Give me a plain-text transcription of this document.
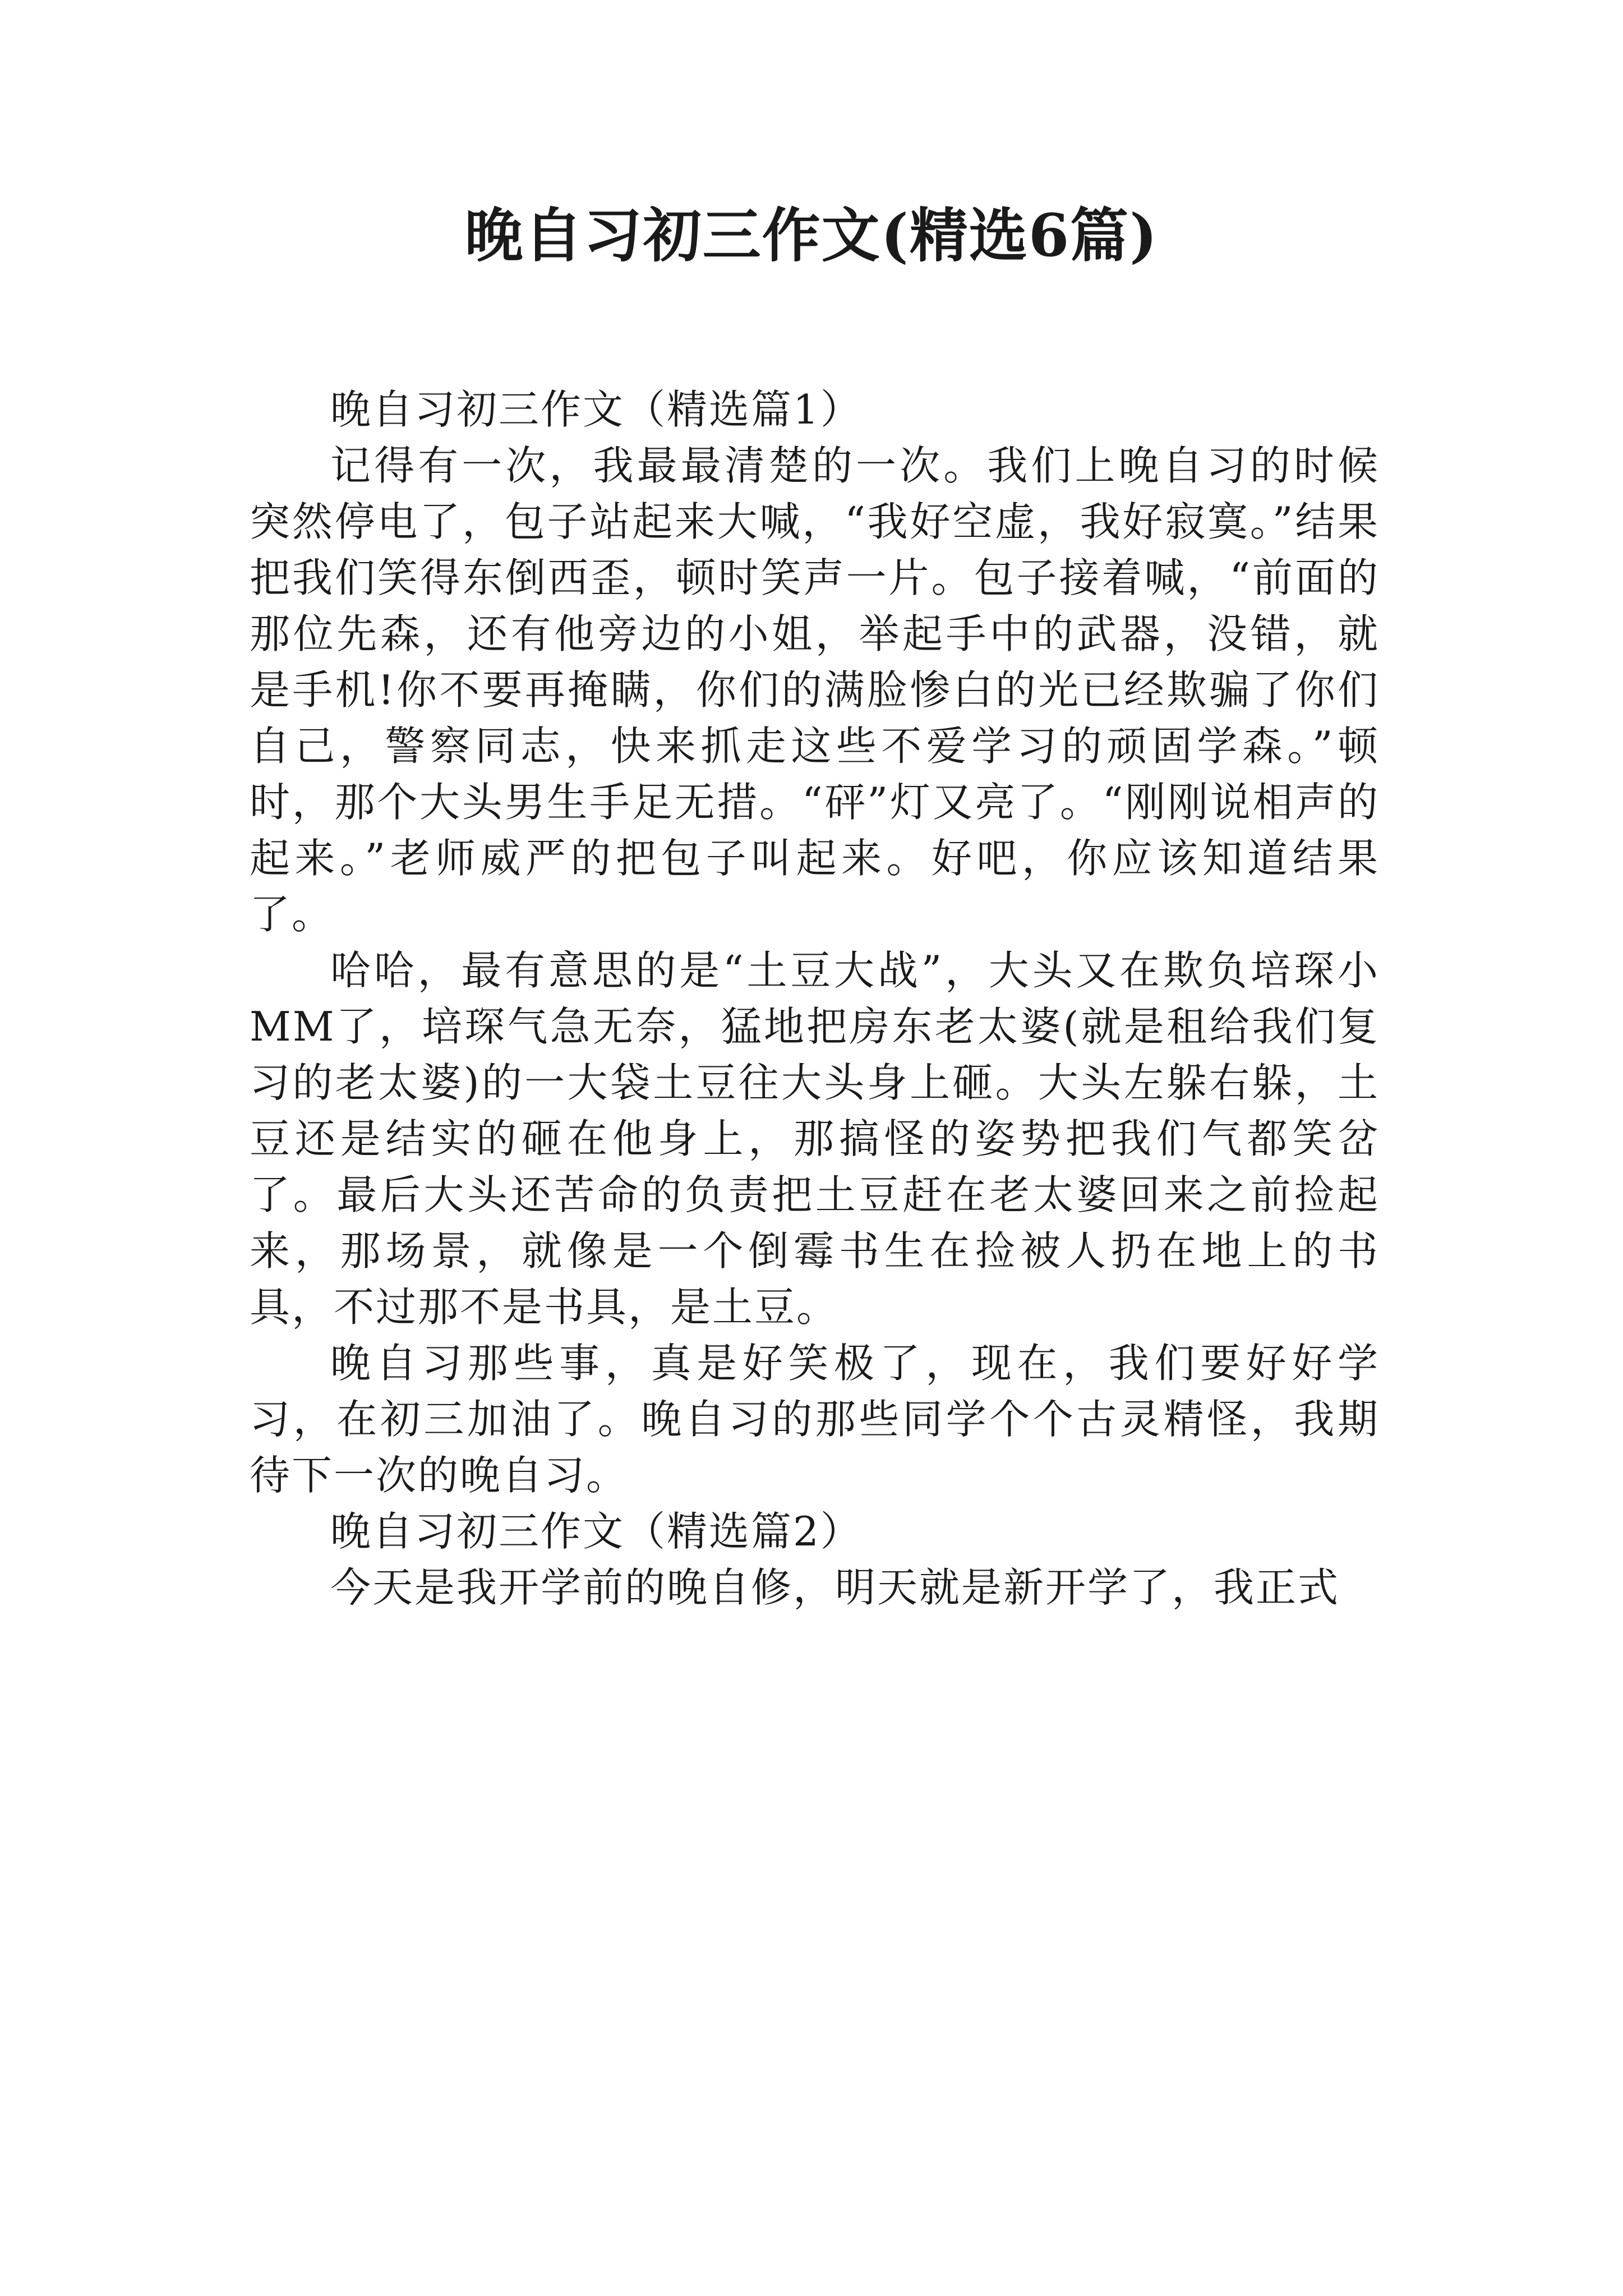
晚自习初三作文(精选6篇)

晚自习初三作文（精选篇1）

记得有一次，我最最清楚的一次。我们上晚自习的时候突然停电了，包子站起来大喊，“我好空虚，我好寂寞。”结果把我们笑得东倒西歪，顿时笑声一片。包子接着喊，“前面的那位先森，还有他旁边的小姐，举起手中的武器，没错，就是手机!你不要再掩瞒，你们的满脸惨白的光已经欺骗了你们自己，警察同志，快来抓走这些不爱学习的顽固学森。”顿时，那个大头男生手足无措。“砰”灯又亮了。“刚刚说相声的起来。”老师威严的把包子叫起来。好吧，你应该知道结果了。

哈哈，最有意思的是“土豆大战”，大头又在欺负培琛小MM了，培琛气急无奈，猛地把房东老太婆(就是租给我们复习的老太婆)的一大袋土豆往大头身上砸。大头左躲右躲，土豆还是结实的砸在他身上，那搞怪的姿势把我们气都笑岔了。最后大头还苦命的负责把土豆赶在老太婆回来之前捡起来，那场景，就像是一个倒霉书生在捡被人扔在地上的书具，不过那不是书具，是土豆。

晚自习那些事，真是好笑极了，现在，我们要好好学习，在初三加油了。晚自习的那些同学个个古灵精怪，我期待下一次的晚自习。

晚自习初三作文（精选篇2）

今天是我开学前的晚自修，明天就是新开学了，我正式
